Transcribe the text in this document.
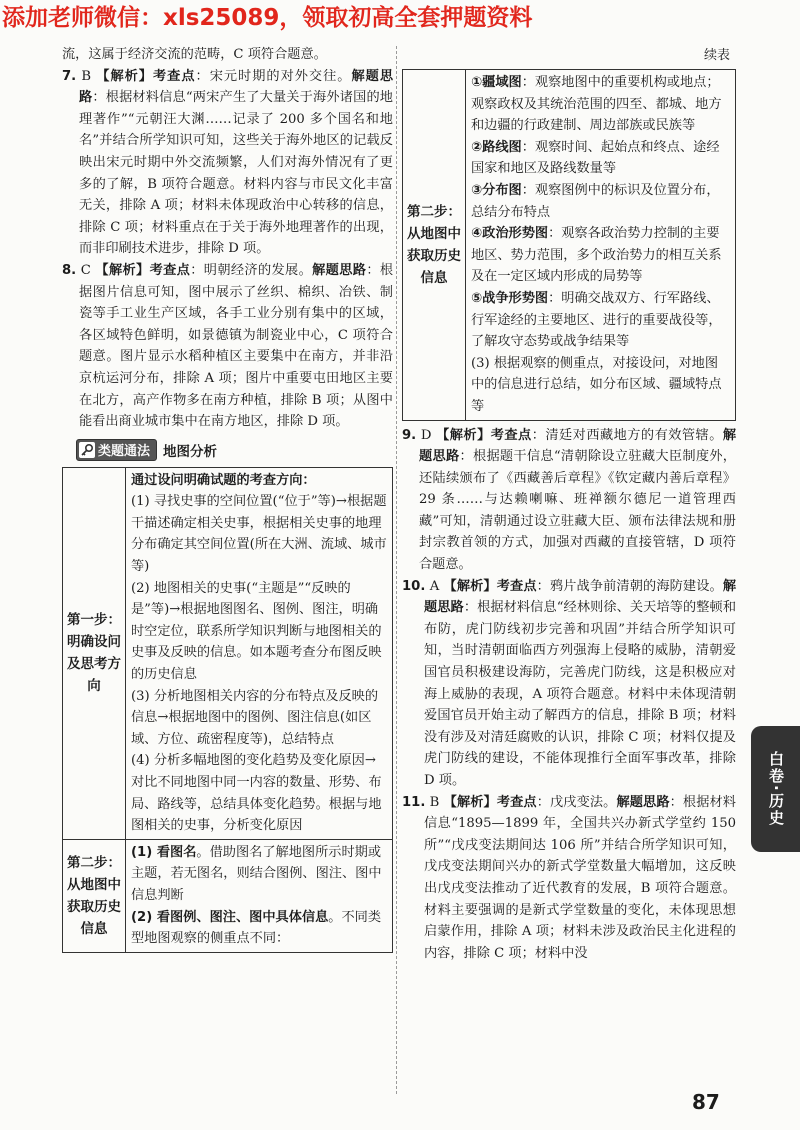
添加老师微信：xls25089，领取初高全套押题资料

流，这属于经济交流的范畴，C 项符合题意。

7. B 【解析】考查点：宋元时期的对外交往。解题思路：根据材料信息“两宋产生了大量关于海外诸国的地理著作”“元朝汪大渊……记录了 200 多个国名和地名”并结合所学知识可知，这些关于海外地区的记载反映出宋元时期中外交流频繁，人们对海外情况有了更多的了解，B 项符合题意。材料内容与市民文化丰富无关，排除 A 项；材料未体现政治中心转移的信息，排除 C 项；材料重点在于关于海外地理著作的出现，而非印刷技术进步，排除 D 项。

8. C 【解析】考查点：明朝经济的发展。解题思路：根据图片信息可知，图中展示了丝织、棉织、冶铁、制瓷等手工业生产区域，各手工业分别有集中的区域，各区域特色鲜明，如景德镇为制瓷业中心，C 项符合题意。图片显示水稻种植区主要集中在南方，并非沿京杭运河分布，排除 A 项；图片中重要屯田地区主要在北方，高产作物多在南方种植，排除 B 项；从图中能看出商业城市集中在南方地区，排除 D 项。

类题通法 地图分析
第一步：明确设问及思考方向	通过设问明确试题的考查方向：
(1) 寻找史事的空间位置(“位于”等)→根据题干描述确定相关史事，根据相关史事的地理分布确定其空间位置(所在大洲、流域、城市等)
(2) 地图相关的史事(“主题是”“反映的是”等)→根据地图图名、图例、图注，明确时空定位，联系所学知识判断与地图相关的史事及反映的信息。如本题考查分布图反映的历史信息
(3) 分析地图相关内容的分布特点及反映的信息→根据地图中的图例、图注信息(如区域、方位、疏密程度等)，总结特点
(4) 分析多幅地图的变化趋势及变化原因→对比不同地图中同一内容的数量、形势、布局、路线等，总结具体变化趋势。根据与地图相关的史事，分析变化原因

第二步：从地图中获取历史信息	(1) 看图名。借助图名了解地图所示时期或主题，若无图名，则结合图例、图注、图中信息判断
(2) 看图例、图注、图中具体信息。不同类型地图观察的侧重点不同：
续表
第二步：从地图中获取历史信息	
①疆域图：观察地图中的重要机构或地点；观察政权及其统治范围的四至、都城、地方和边疆的行政建制、周边部族或民族等
②路线图：观察时间、起始点和终点、途经国家和地区及路线数量等
③分布图：观察图例中的标识及位置分布，总结分布特点
④政治形势图：观察各政治势力控制的主要地区、势力范围，多个政治势力的相互关系及在一定区域内形成的局势等
⑤战争形势图：明确交战双方、行军路线、行军途经的主要地区、进行的重要战役等，了解攻守态势或战争结果等
(3) 根据观察的侧重点，对接设问，对地图中的信息进行总结，如分布区域、疆域特点等

9. D 【解析】考查点：清廷对西藏地方的有效管辖。解题思路：根据题干信息“清朝除设立驻藏大臣制度外，还陆续颁布了《西藏善后章程》《钦定藏内善后章程》29 条……与达赖喇嘛、班禅额尔德尼一道管理西藏”可知，清朝通过设立驻藏大臣、颁布法律法规和册封宗教首领的方式，加强对西藏的直接管辖，D 项符合题意。

10. A 【解析】考查点：鸦片战争前清朝的海防建设。解题思路：根据材料信息“经林则徐、关天培等的整顿和布防，虎门防线初步完善和巩固”并结合所学知识可知，当时清朝面临西方列强海上侵略的威胁，清朝爱国官员积极建设海防，完善虎门防线，这是积极应对海上威胁的表现，A 项符合题意。材料中未体现清朝爱国官员开始主动了解西方的信息，排除 B 项；材料没有涉及对清廷腐败的认识，排除 C 项；材料仅提及虎门防线的建设，不能体现推行全面军事改革，排除 D 项。

11. B 【解析】考查点：戊戌变法。解题思路：根据材料信息“1895—1899 年，全国共兴办新式学堂约 150 所”“戊戌变法期间达 106 所”并结合所学知识可知，戊戌变法期间兴办的新式学堂数量大幅增加，这反映出戊戌变法推动了近代教育的发展，B 项符合题意。材料主要强调的是新式学堂数量的变化，未体现思想启蒙作用，排除 A 项；材料未涉及政治民主化进程的内容，排除 C 项；材料中没

白卷·历史
87
